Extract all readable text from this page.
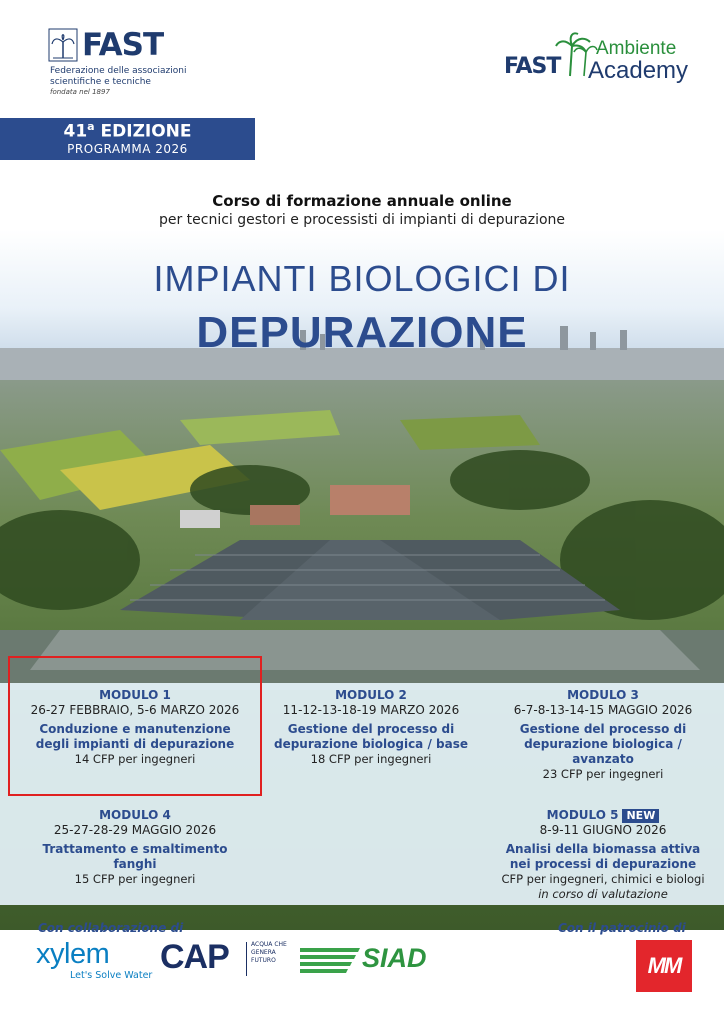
FAST
Federazione delle associazioni scientifiche e tecniche
fondata nel 1897
FAST
Ambiente
Academy
41$^a$ EDIZIONE
PROGRAMMA 2026
Corso di formazione annuale online
per tecnici gestori e processisti di impianti di depurazione
IMPIANTI BIOLOGICI DI
DEPURAZIONE
MODULO 1
26-27 FEBBRAIO, 5-6 MARZO 2026
Conduzione e manutenzione
degli impianti di depurazione
14 CFP per ingegneri
MODULO 2
11-12-13-18-19 MARZO 2026
Gestione del processo di
depurazione biologica / base
18 CFP per ingegneri
MODULO 3
6-7-8-13-14-15 MAGGIO 2026
Gestione del processo di
depurazione biologica /
avanzato
23 CFP per ingegneri
MODULO 4
25-27-28-29 MAGGIO 2026
Trattamento e smaltimento
fanghi
15 CFP per ingegneri
MODULO 5 NEW
8-9-11 GIUGNO 2026
Analisi della biomassa attiva
nei processi di depurazione
CFP per ingegneri, chimici e biologi
in corso di valutazione
Con collaborazione di	Con il patrocinio di
xylem
Let's Solve Water CAP	ACQUA CHE GENERA FUTURO	SIAD	MM
